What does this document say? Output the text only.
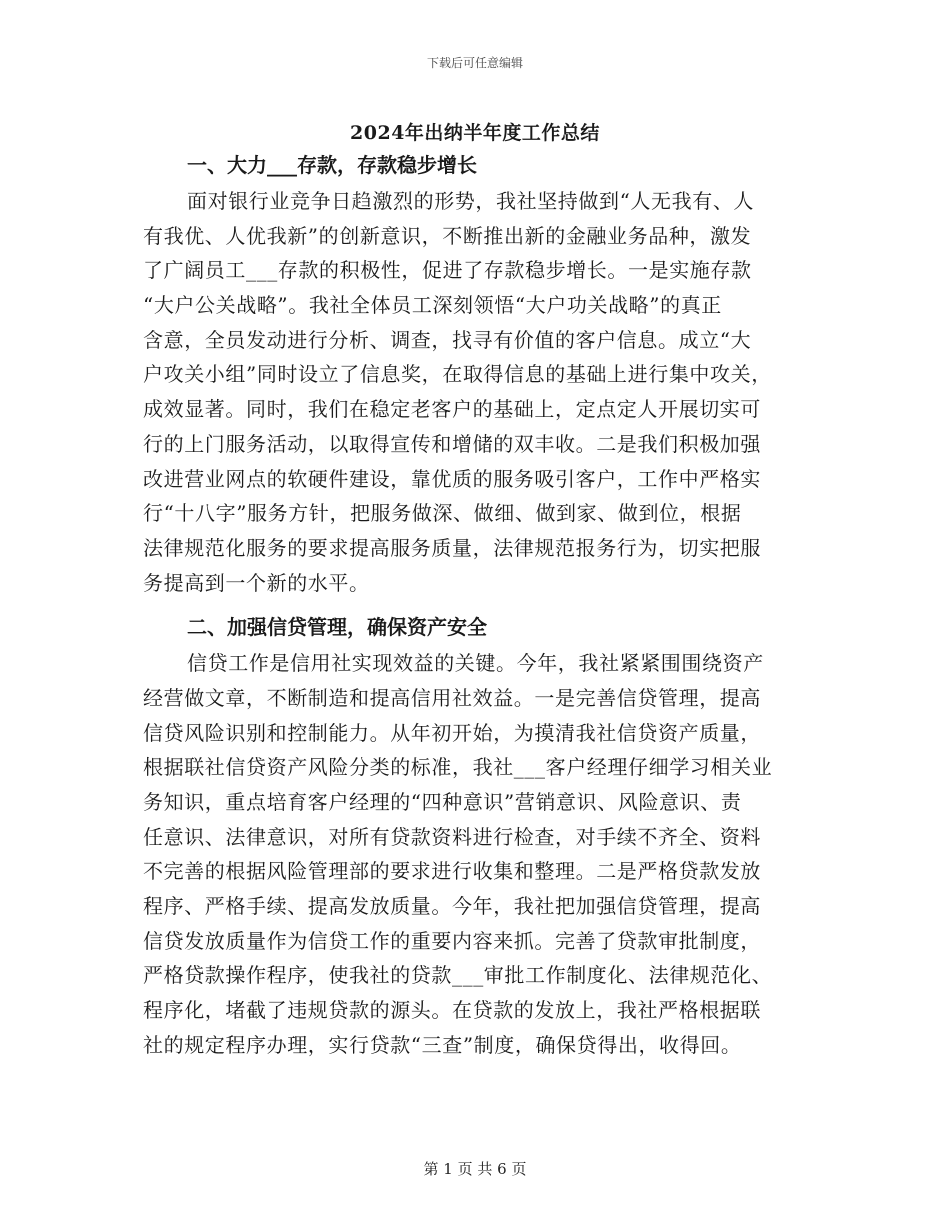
下载后可任意编辑
2024年出纳半年度工作总结
一、大力___存款，存款稳步增长
面对银行业竞争日趋激烈的形势，我社坚持做到“人无我有、人
有我优、人优我新”的创新意识，不断推出新的金融业务品种，激发
了广阔员工___存款的积极性，促进了存款稳步增长。一是实施存款
“大户公关战略”。我社全体员工深刻领悟“大户功关战略”的真正
含意，全员发动进行分析、调查，找寻有价值的客户信息。成立“大
户攻关小组”同时设立了信息奖，在取得信息的基础上进行集中攻关，
成效显著。同时，我们在稳定老客户的基础上，定点定人开展切实可
行的上门服务活动，以取得宣传和增储的双丰收。二是我们积极加强
改进营业网点的软硬件建设，靠优质的服务吸引客户，工作中严格实
行“十八字”服务方针，把服务做深、做细、做到家、做到位，根据
法律规范化服务的要求提高服务质量，法律规范报务行为，切实把服
务提高到一个新的水平。
二、加强信贷管理，确保资产安全
信贷工作是信用社实现效益的关键。今年，我社紧紧围围绕资产
经营做文章，不断制造和提高信用社效益。一是完善信贷管理，提高
信贷风险识别和控制能力。从年初开始，为摸清我社信贷资产质量，
根据联社信贷资产风险分类的标准，我社___客户经理仔细学习相关业
务知识，重点培育客户经理的“四种意识”营销意识、风险意识、责
任意识、法律意识，对所有贷款资料进行检查，对手续不齐全、资料
不完善的根据风险管理部的要求进行收集和整理。二是严格贷款发放
程序、严格手续、提高发放质量。今年，我社把加强信贷管理，提高
信贷发放质量作为信贷工作的重要内容来抓。完善了贷款审批制度，
严格贷款操作程序，使我社的贷款___审批工作制度化、法律规范化、
程序化，堵截了违规贷款的源头。在贷款的发放上，我社严格根据联
社的规定程序办理，实行贷款“三查”制度，确保贷得出，收得回。
第 1 页 共 6 页
